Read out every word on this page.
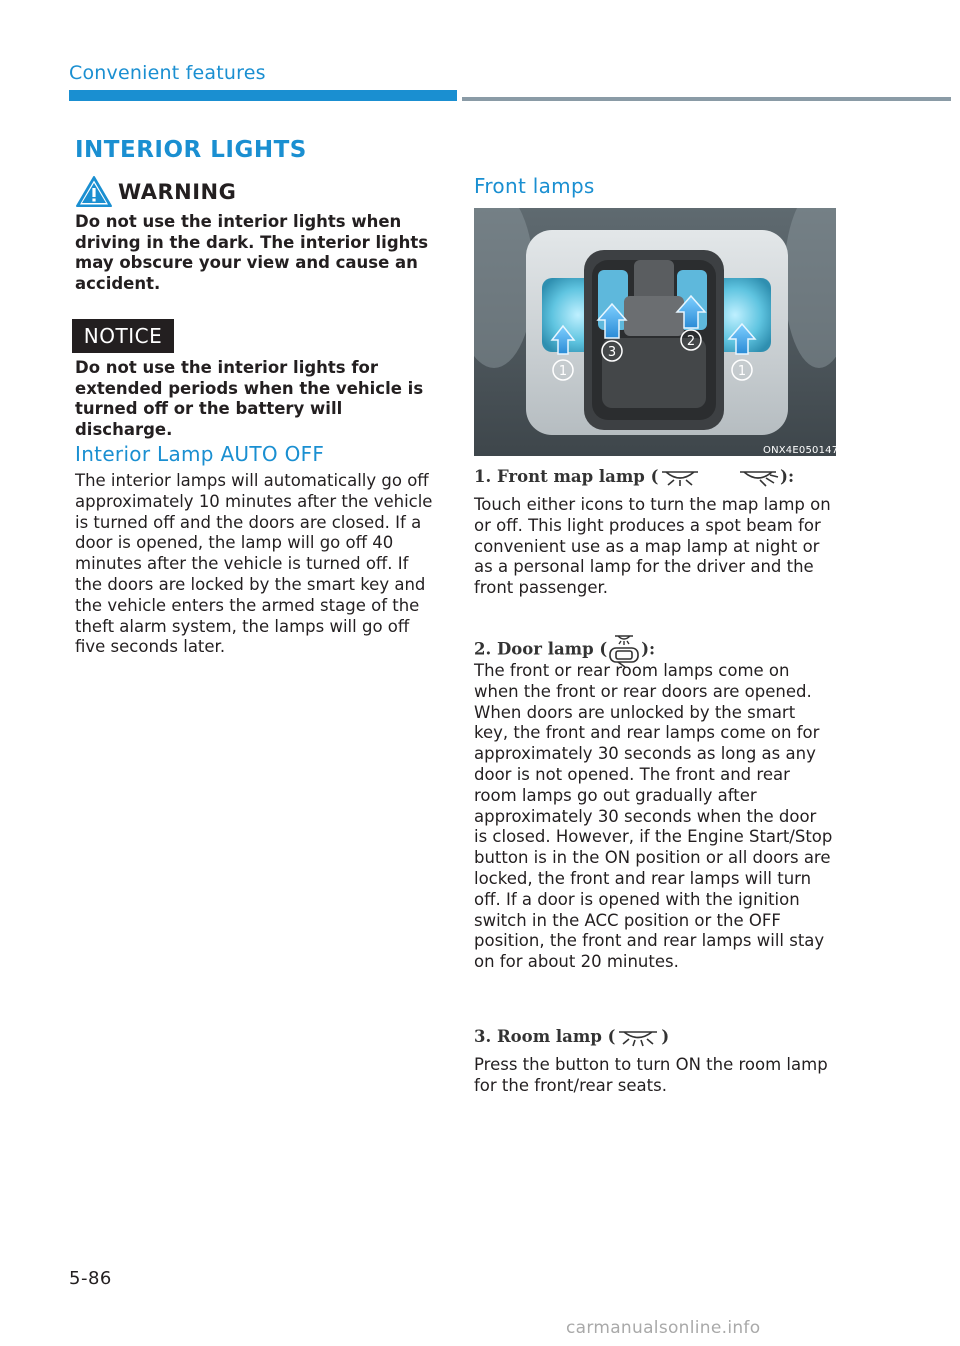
Convenient features
INTERIOR LIGHTS
WARNING
Do not use the interior lights when driving in the dark. The interior lights may obscure your view and cause an accident.
NOTICE
Do not use the interior lights for extended periods when the vehicle is turned off or the battery will discharge.
Interior Lamp AUTO OFF
The interior lamps will automatically go off approximately 10 minutes after the vehicle is turned off and the doors are closed. If a door is opened, the lamp will go off 40 minutes after the vehicle is turned off. If the doors are locked by the smart key and the vehicle enters the armed stage of the theft alarm system, the lamps will go off five seconds later.
Front lamps
1
3
2
1
ONX4E050147
1. Front map lamp (	):
Touch either icons to turn the map lamp on or off. This light produces a spot beam for convenient use as a map lamp at night or as a personal lamp for the driver and the front passenger.
2. Door lamp ( ):
The front or rear room lamps come on when the front or rear doors are opened. When doors are unlocked by the smart key, the front and rear lamps come on for approximately 30 seconds as long as any door is not opened. The front and rear room lamps go out gradually after approximately 30 seconds when the door is closed. However, if the Engine Start/Stop button is in the ON position or all doors are locked, the front and rear lamps will turn off. If a door is opened with the ignition switch in the ACC position or the OFF position, the front and rear lamps will stay on for about 20 minutes.
3. Room lamp (	)
Press the button to turn ON the room lamp for the front/rear seats.
5-86
carmanualsonline.info
